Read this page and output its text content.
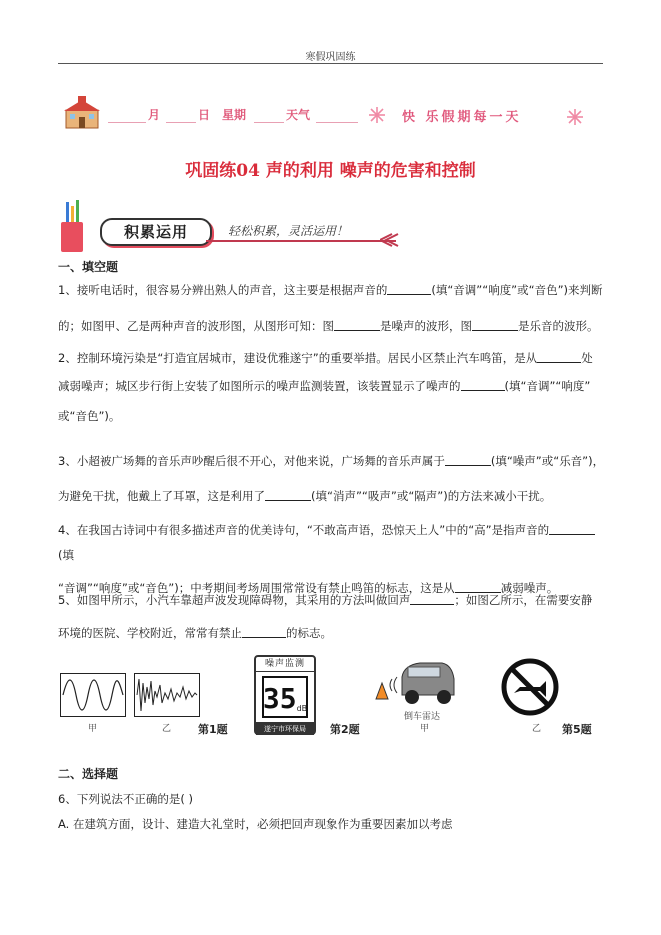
寒假巩固练
月	日 星期	天气	快 乐假期每一天
巩固练04 声的利用 噪声的危害和控制
积累运用	轻松积累，灵活运用！
一、填空题

1、接听电话时，很容易分辨出熟人的声音，这主要是根据声音的	(填“音调”“响度”或“音色”)来判断

的；如图甲、乙是两种声音的波形图，从图形可知：图	是噪声的波形，图	是乐音的波形。

2、控制环境污染是“打造宜居城市，建设优雅遂宁”的重要举措。居民小区禁止汽车鸣笛，是从	处

减弱噪声；城区步行街上安装了如图所示的噪声监测装置，该装置显示了噪声的	(填“音调”“响度”

或“音色”)。

3、小超被广场舞的音乐声吵醒后很不开心，对他来说，广场舞的音乐声属于	(填“噪声”或“乐音”)，

为避免干扰，他戴上了耳罩，这是利用了	(填“消声”“吸声”或“隔声”)的方法来减小干扰。

4、在我国古诗词中有很多描述声音的优美诗句，“不敢高声语，恐惊天上人”中的“高”是指声音的(填

“音调”“响度”或“音色”)；中考期间考场周围常常设有禁止鸣笛的标志，这是从	减弱噪声。

5、如图甲所示，小汽车靠超声波发现障碍物，其采用的方法叫做回声	；如图乙所示，在需要安静

环境的医院、学校附近，常常有禁止	的标志。

甲	乙 第1题
噪声监测
35 dB
遂宁市环保局	第2题
倒车雷达
甲	乙 第5题
二、选择题

6、下列说法不正确的是( )

A. 在建筑方面，设计、建造大礼堂时，必须把回声现象作为重要因素加以考虑
